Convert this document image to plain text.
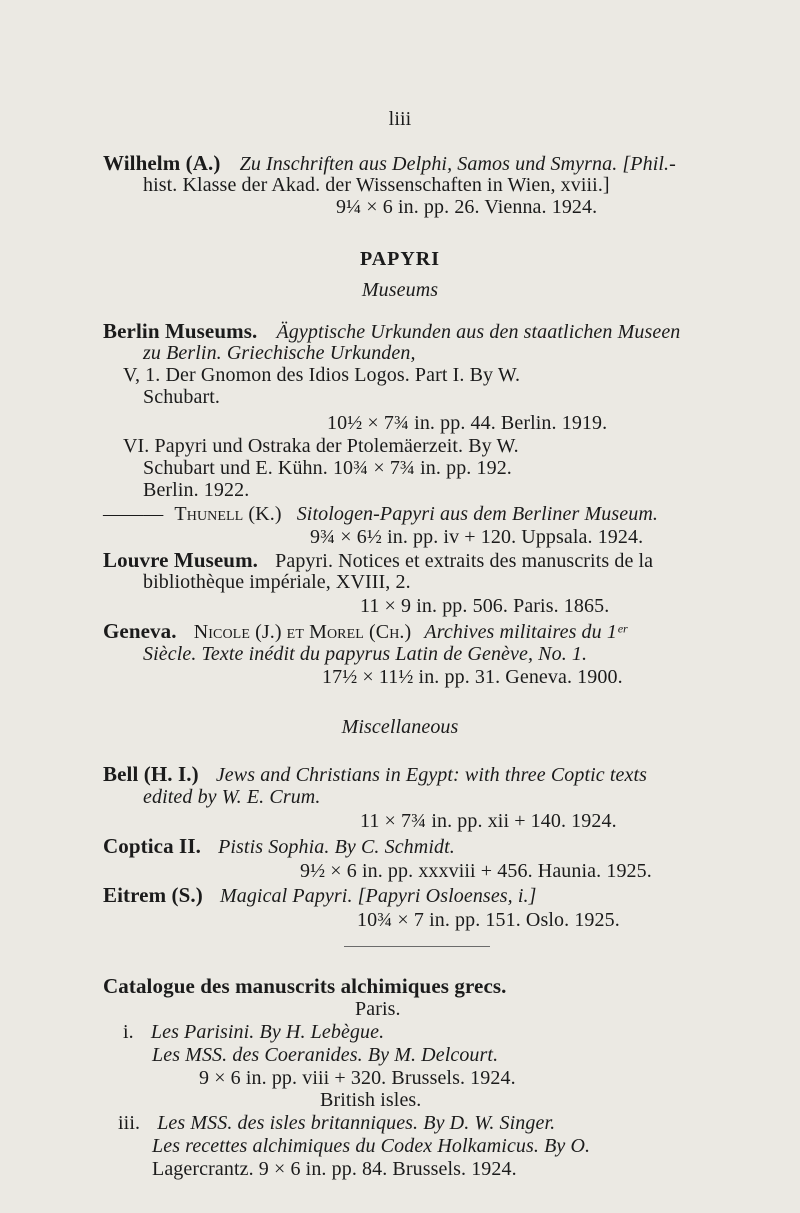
liii
Wilhelm (A.) Zu Inschriften aus Delphi, Samos und Smyrna. [Phil.-
hist. Klasse der Akad. der Wissenschaften in Wien, xviii.]
9¼ × 6 in. pp. 26. Vienna. 1924.
PAPYRI
Museums
Berlin Museums. Ägyptische Urkunden aus den staatlichen Museen
zu Berlin. Griechische Urkunden,
V, 1. Der Gnomon des Idios Logos. Part I. By W.
Schubart.
10½ × 7¾ in. pp. 44. Berlin. 1919.
VI. Papyri und Ostraka der Ptolemäerzeit. By W.
Schubart und E. Kühn. 10¾ × 7¾ in. pp. 192.
Berlin. 1922.
——— Thunell (K.) Sitologen-Papyri aus dem Berliner Museum.
9¾ × 6½ in. pp. iv + 120. Uppsala. 1924.
Louvre Museum. Papyri. Notices et extraits des manuscrits de la
bibliothèque impériale, XVIII, 2.
11 × 9 in. pp. 506. Paris. 1865.
Geneva. Nicole (J.) et Morel (Ch.) Archives militaires du 1ᵉʳ
Siècle. Texte inédit du papyrus Latin de Genève, No. 1.
17½ × 11½ in. pp. 31. Geneva. 1900.
Miscellaneous
Bell (H. I.) Jews and Christians in Egypt: with three Coptic texts
edited by W. E. Crum.
11 × 7¾ in. pp. xii + 140. 1924.
Coptica II. Pistis Sophia. By C. Schmidt.
9½ × 6 in. pp. xxxviii + 456. Haunia. 1925.
Eitrem (S.) Magical Papyri. [Papyri Osloenses, i.]
10¾ × 7 in. pp. 151. Oslo. 1925.
Catalogue des manuscrits alchimiques grecs.
Paris.
i. Les Parisini. By H. Lebègue.
Les MSS. des Coeranides. By M. Delcourt.
9 × 6 in. pp. viii + 320. Brussels. 1924.
British isles.
iii. Les MSS. des isles britanniques. By D. W. Singer.
Les recettes alchimiques du Codex Holkamicus. By O.
Lagercrantz. 9 × 6 in. pp. 84. Brussels. 1924.
